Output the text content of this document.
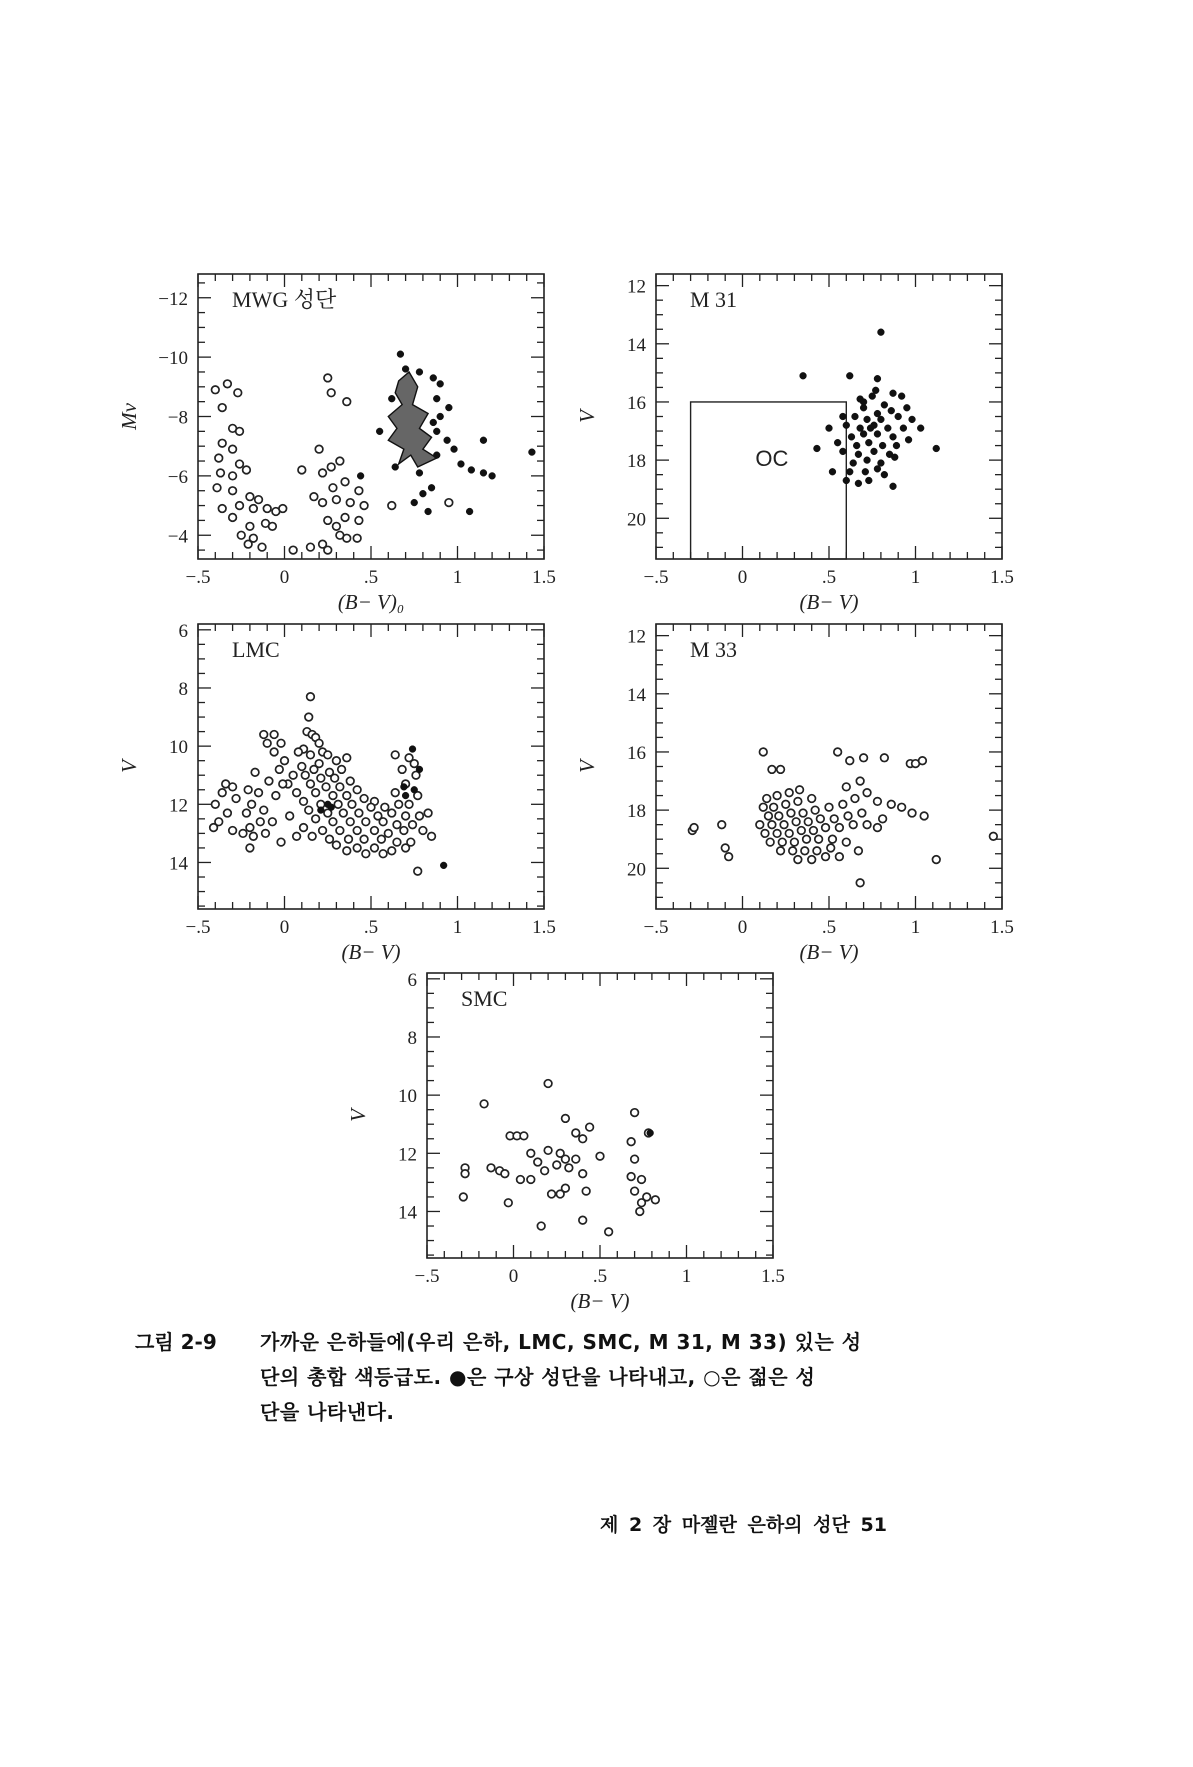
−.5	0	.5	1	1.5
−12
−10
−8
−6
−4
(B− V)₀
Mv
MWG 성단
−.5	0	.5	1	1.5
12
14
16
18
20
(B− V)
V
M 31
OC
−.5	0	.5	1	1.5
6
8
10
12
14
(B− V)
V
LMC
−.5	0	.5	1	1.5
12
14
16
18
20
(B− V)
V
M 33
−.5	0	.5	1	1.5
6
8
10
12
14
(B− V)
V
SMC
그림 2-9	가까운 은하들에(우리 은하, LMC, SMC, M 31, M 33) 있는 성
단의 총합 색등급도. ●은 구상 성단을 나타내고, ○은 젊은 성
단을 나타낸다.
제 2 장 마젤란 은하의 성단 51
